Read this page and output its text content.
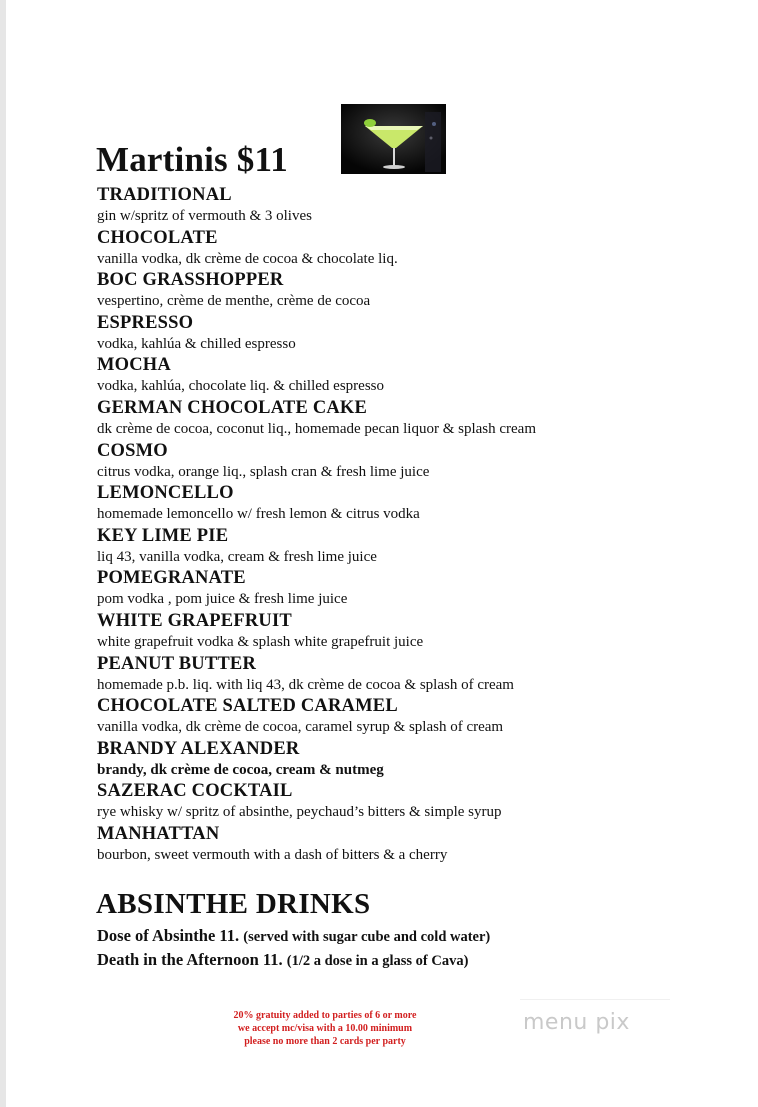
Martinis $11
TRADITIONAL
gin w/spritz of vermouth & 3 olives
CHOCOLATE
vanilla vodka, dk crème de cocoa & chocolate liq.
BOC GRASSHOPPER
vespertino, crème de menthe, crème de cocoa
ESPRESSO
vodka, kahlúa & chilled espresso
MOCHA
vodka, kahlúa, chocolate liq. & chilled espresso
GERMAN CHOCOLATE CAKE
dk crème de cocoa, coconut liq., homemade pecan liquor & splash cream
COSMO
citrus vodka, orange liq., splash cran & fresh lime juice
LEMONCELLO
homemade lemoncello w/ fresh lemon & citrus vodka
KEY LIME PIE
liq 43, vanilla vodka, cream & fresh lime juice
POMEGRANATE
pom vodka , pom juice & fresh lime juice
WHITE GRAPEFRUIT
white grapefruit vodka & splash white grapefruit juice
PEANUT BUTTER
homemade p.b. liq. with liq 43, dk crème de cocoa & splash of cream
CHOCOLATE SALTED CARAMEL
vanilla vodka, dk crème de cocoa, caramel syrup & splash of cream
BRANDY ALEXANDER
brandy, dk crème de cocoa, cream & nutmeg
SAZERAC COCKTAIL
rye whisky w/ spritz of absinthe, peychaud’s bitters & simple syrup
MANHATTAN
bourbon, sweet vermouth with a dash of bitters & a cherry
ABSINTHE DRINKS
Dose of Absinthe 11. (served with sugar cube and cold water)
Death in the Afternoon 11. (1/2 a dose in a glass of Cava)
20% gratuity added to parties of 6 or more
we accept mc/visa with a 10.00 minimum
please no more than 2 cards per party
menu pix
